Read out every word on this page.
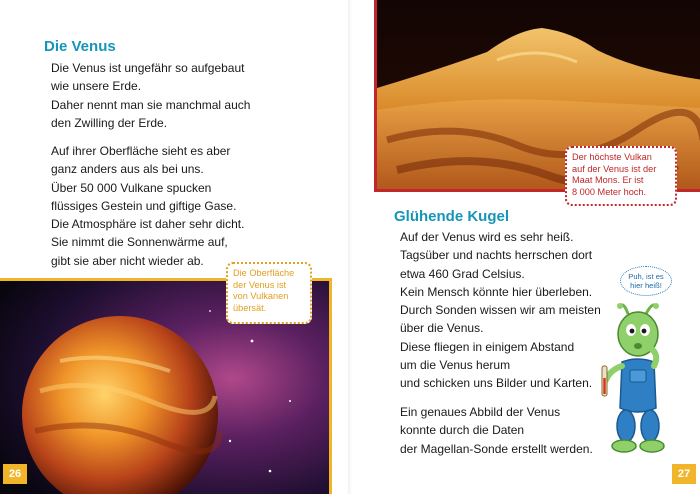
Die Venus
Die Venus ist ungefähr so aufgebaut
wie unsere Erde.
Daher nennt man sie manchmal auch
den Zwilling der Erde.
Auf ihrer Oberfläche sieht es aber
ganz anders aus als bei uns.
Über 50 000 Vulkane spucken
flüssiges Gestein und giftige Gase.
Die Atmosphäre ist daher sehr dicht.
Sie nimmt die Sonnenwärme auf,
gibt sie aber nicht wieder ab.
Die Oberfläche
der Venus ist
von Vulkanen
übersät.
26
Der höchste Vulkan
auf der Venus ist der
Maat Mons. Er ist
8 000 Meter hoch.
Glühende Kugel
Auf der Venus wird es sehr heiß.
Tagsüber und nachts herrschen dort
etwa 460 Grad Celsius.
Kein Mensch könnte hier überleben.
Durch Sonden wissen wir am meisten
über die Venus.
Diese fliegen in einigem Abstand
um die Venus herum
und schicken uns Bilder und Karten.
Ein genaues Abbild der Venus
konnte durch die Daten
der Magellan-Sonde erstellt werden.
Puh, ist es
hier heiß!
27
